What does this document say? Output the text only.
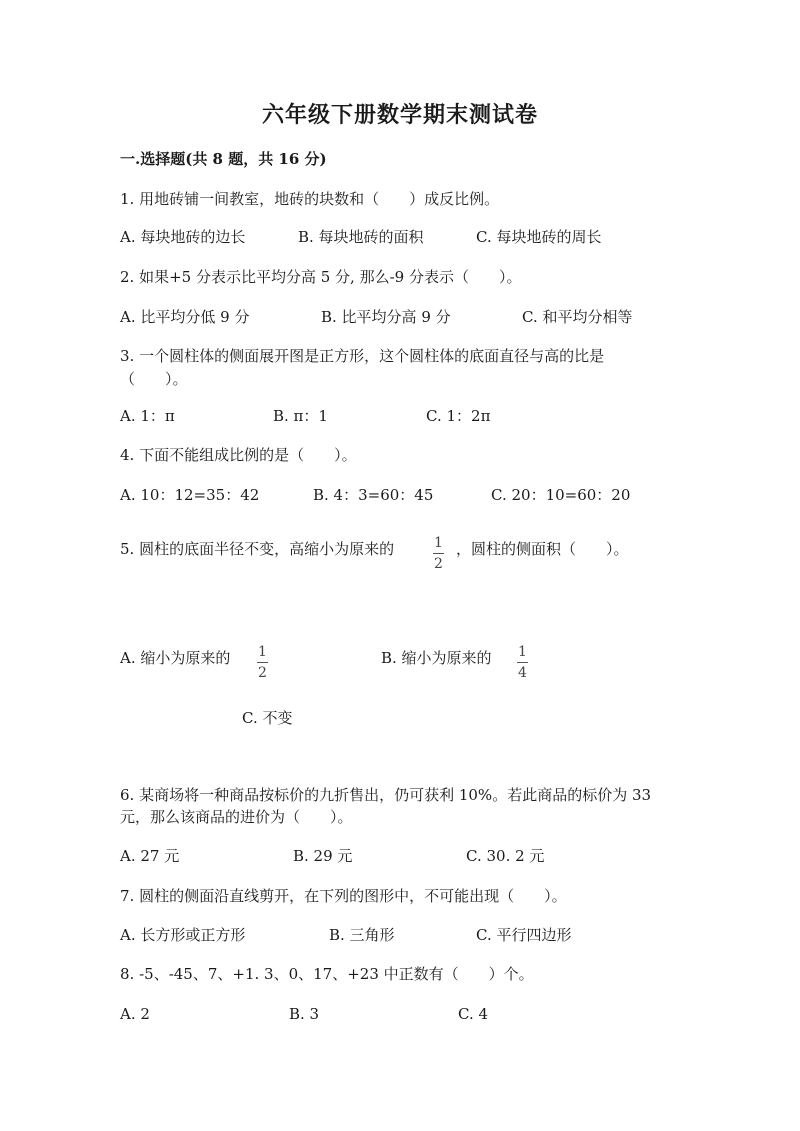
六年级下册数学期末测试卷
一.选择题(共 8 题，共 16 分)
1. 用地砖铺一间教室，地砖的块数和（　　）成反比例。
A. 每块地砖的边长	B. 每块地砖的面积	C. 每块地砖的周长
2. 如果+5 分表示比平均分高 5 分, 那么-9 分表示（　　）。
A. 比平均分低 9 分	B. 比平均分高 9 分	C. 和平均分相等
3. 一个圆柱体的侧面展开图是正方形，这个圆柱体的底面直径与高的比是
（　　）。
A. 1：π	B. π：1	C. 1：2π
4. 下面不能组成比例的是（　　）。
A. 10：12=35：42	B. 4：3=60：45	C. 20：10=60：20
5. 圆柱的底面半径不变，高缩小为原来的	1
2
，圆柱的侧面积（　　）。
A. 缩小为原来的 1
2
B. 缩小为原来的 1
4
C. 不变
6. 某商场将一种商品按标价的九折售出，仍可获利 10%。若此商品的标价为 33
元，那么该商品的进价为（　　）。
A. 27 元	B. 29 元	C. 30. 2 元
7. 圆柱的侧面沿直线剪开，在下列的图形中，不可能出现（　　）。
A. 长方形或正方形	B. 三角形	C. 平行四边形
8. -5、-45、7、+1. 3、0、17、+23 中正数有（　　）个。
A. 2	B. 3	C. 4
